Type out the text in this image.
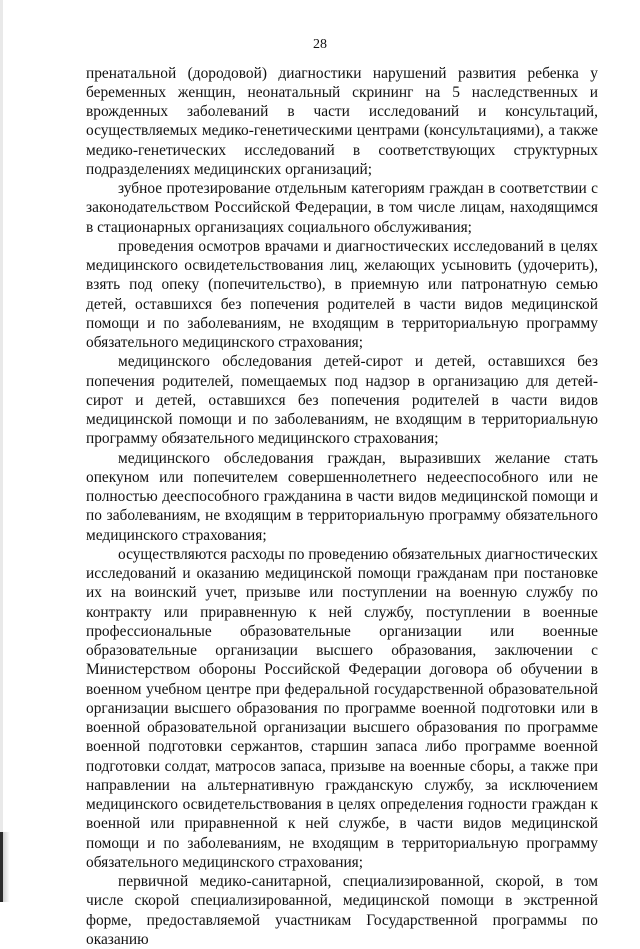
28

пренатальной (дородовой) диагностики нарушений развития ребенка у беременных женщин, неонатальный скрининг на 5 наследственных и врожденных заболеваний в части исследований и консультаций, осуществляемых медико-генетическими центрами (консультациями), а также медико-генетических исследований в соответствующих структурных подразделениях медицинских организаций;

зубное протезирование отдельным категориям граждан в соответствии с законодательством Российской Федерации, в том числе лицам, находящимся в стационарных организациях социального обслуживания;

проведения осмотров врачами и диагностических исследований в целях медицинского освидетельствования лиц, желающих усыновить (удочерить), взять под опеку (попечительство), в приемную или патронатную семью детей, оставшихся без попечения родителей в части видов медицинской помощи и по заболеваниям, не входящим в территориальную программу обязательного медицинского страхования;

медицинского обследования детей-сирот и детей, оставшихся без попечения родителей, помещаемых под надзор в организацию для детей-сирот и детей, оставшихся без попечения родителей в части видов медицинской помощи и по заболеваниям, не входящим в территориальную программу обязательного медицинского страхования;

медицинского обследования граждан, выразивших желание стать опекуном или попечителем совершеннолетнего недееспособного или не полностью дееспособного гражданина в части видов медицинской помощи и по заболеваниям, не входящим в территориальную программу обязательного медицинского страхования;

осуществляются расходы по проведению обязательных диагностических исследований и оказанию медицинской помощи гражданам при постановке их на воинский учет, призыве или поступлении на военную службу по контракту или приравненную к ней службу, поступлении в военные профессиональные образовательные организации или военные образовательные организации высшего образования, заключении с Министерством обороны Российской Федерации договора об обучении в военном учебном центре при федеральной государственной образовательной организации высшего образования по программе военной подготовки или в военной образовательной организации высшего образования по программе военной подготовки сержантов, старшин запаса либо программе военной подготовки солдат, матросов запаса, призыве на военные сборы, а также при направлении на альтернативную гражданскую службу, за исключением медицинского освидетельствования в целях определения годности граждан к военной или приравненной к ней службе, в части видов медицинской помощи и по заболеваниям, не входящим в территориальную программу обязательного медицинского страхования;

первичной медико-санитарной, специализированной, скорой, в том числе скорой специализированной, медицинской помощи в экстренной форме, предоставляемой участникам Государственной программы по оказанию
